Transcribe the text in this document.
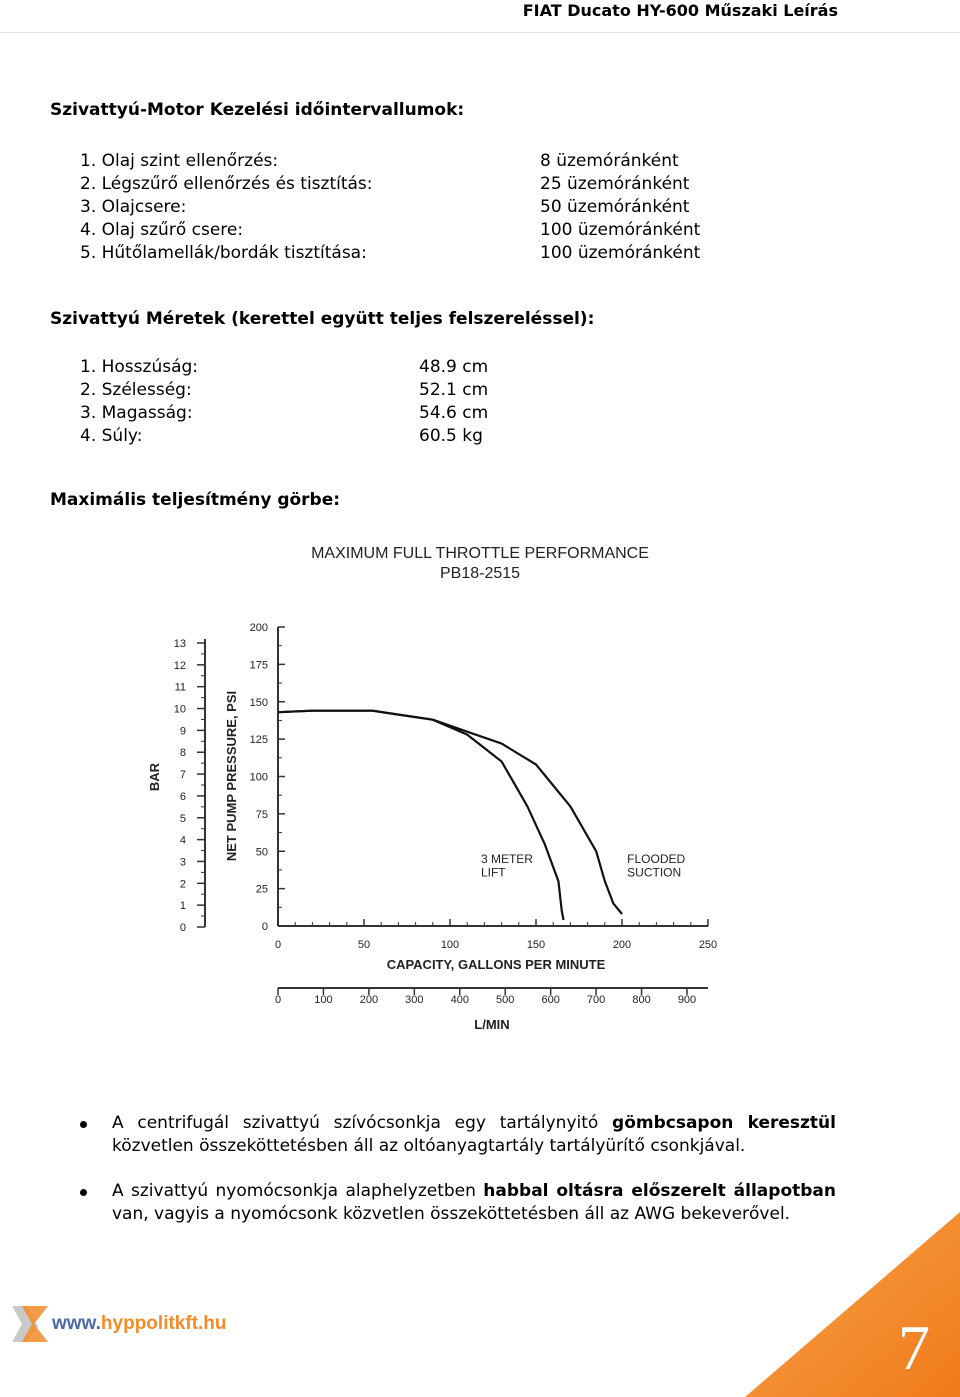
FIAT Ducato HY-600 Műszaki Leírás
Szivattyú-Motor Kezelési időintervallumok:
1. Olaj szint ellenőrzés:	8 üzemóránként
2. Légszűrő ellenőrzés és tisztítás:	25 üzemóránként
3. Olajcsere:	50 üzemóránként
4. Olaj szűrő csere:	100 üzemóránként
5. Hűtőlamellák/bordák tisztítása:	100 üzemóránként
Szivattyú Méretek (kerettel együtt teljes felszereléssel):
1. Hosszúság:	48.9 cm
2. Szélesség:	52.1 cm
3. Magasság:	54.6 cm
4. Súly:	60.5 kg
Maximális teljesítmény görbe:
MAXIMUM FULL THROTTLE PERFORMANCE
PB18-2515
0
25
50
75
100
125
150
175
200
NET PUMP PRESSURE, PSI
0
1
2
3
4
5
6
7
8
9
10
11
12
13
BAR
0	50	100	150	200	250
CAPACITY, GALLONS PER MINUTE
0	100 200 300 400 500 600 700 800 900
L/MIN
3 METER
LIFT
FLOODED
SUCTION
A centrifugál szivattyú szívócsonkja egy tartálynyitó gömbcsapon keresztül közvetlen összeköttetésben áll az oltóanyagtartály tartályürítő csonkjával.
A szivattyú nyomócsonkja alaphelyzetben habbal oltásra előszerelt állapotban van, vagyis a nyomócsonk közvetlen összeköttetésben áll az AWG bekeverővel.
www.hyppolitkft.hu	7
